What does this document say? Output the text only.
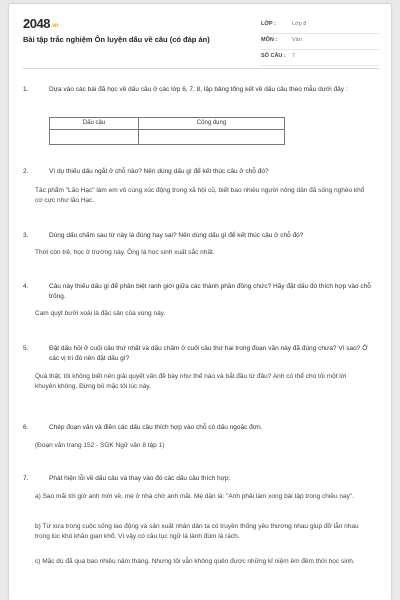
2048.vn
Bài tập trắc nghiệm Ôn luyện dấu về câu (có đáp án)
LỚP :	Lớp 8
MÔN :	Văn
SỐ CÂU : 7
1.	Dựa vào các bài đã học về dấu câu ở các lớp 6, 7, 8, lập bảng tổng kết về dấu câu theo mẫu dưới đây :
Dấu câu	Công dụng
2.	Vì dụ thiếu dấu ngắt ở chỗ nào? Nên dùng dấu gì để kết thúc câu ở chỗ đó?
Tác phẩm "Lão Hạc" làm em vô cùng xúc động trong xã hội cũ, biết bao nhiêu người nông dân đã sống nghèo khổ cơ cực như lão Hạc.
3.	Dùng dấu chấm sau từ này là đúng hay sai? Nên dùng dấu gì để kết thúc câu ở chỗ đó?
Thời còn trẻ, học ở trường này. Ông là học sinh xuất sắc nhất.
4.	Câu này thiếu dấu gì để phân biệt ranh giới giữa các thành phần đồng chức? Hãy đặt dấu đó thích hợp vào chỗ trống.
Cam quýt bưởi xoài là đặc sản của vùng này.
5.	Đặt dấu hỏi ở cuối câu thứ nhất và dấu chấm ở cuối câu thứ hai trong đoạn văn này đã đúng chưa? Vì sao? Ở các vị trí đó nên đặt dấu gì?
Quá thật, tôi không biết nên giải quyết vấn đề bày như thế nào và bắt đầu từ đâu? Anh có thể cho tôi một lời khuyên không. Đừng bỏ mặc tôi lúc này.
6.	Chép đoạn văn và điền các dấu câu thích hợp vào chỗ có dấu ngoặc đơn.
(Đoạn văn trang 152 - SGK Ngữ văn 8 tập 1)
7.	Phát hiện lỗi về dấu câu và thay vào đó các dấu câu thích hợp:
a) Sao mãi tới giờ anh mới về, mẹ ở nhà chờ anh mãi. Mẹ dặn là: "Anh phải làm xong bài tập trong chiều nay".
b) Từ xưa trong cuộc sống lao động và sản xuất nhân dân ta có truyền thống yêu thương nhau giúp đỡ lẫn nhau trong lúc khó khăn gian khổ. Vì vậy có câu tục ngữ lá lành đùm lá rách.
c) Mặc dù đã qua bao nhiêu năm tháng. Nhưng tôi vẫn không quên được những kỉ niệm êm đềm thời học sinh.
